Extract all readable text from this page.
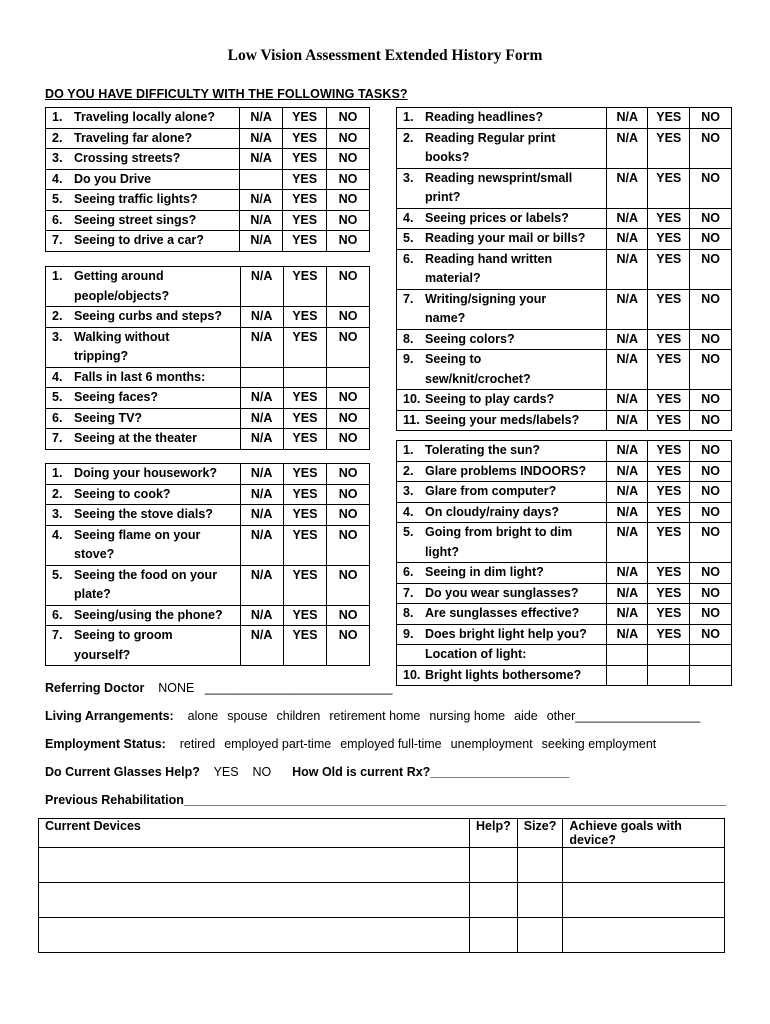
Low Vision Assessment Extended History Form
DO YOU HAVE DIFFICULTY WITH THE FOLLOWING TASKS?
1. Traveling locally alone?	N/A	YES	NO

2. Traveling far alone?	N/A	YES	NO

3. Crossing streets?	N/A	YES	NO

4. Do you Drive		YES	NO

5. Seeing traffic lights?	N/A	YES	NO

6. Seeing street sings?	N/A	YES	NO

7. Seeing to drive a car?	N/A	YES	NO
1. Getting around
people/objects?	N/A	YES	NO

2. Seeing curbs and steps?	N/A	YES	NO

3. Walking without
tripping?	N/A	YES	NO

4. Falls in last 6 months:			

5. Seeing faces?	N/A	YES	NO

6. Seeing TV?	N/A	YES	NO

7. Seeing at the theater	N/A	YES	NO
1. Doing your housework?	N/A	YES	NO

2. Seeing to cook?	N/A	YES	NO

3. Seeing the stove dials?	N/A	YES	NO

4. Seeing flame on your
stove?	N/A	YES	NO

5. Seeing the food on your
plate?	N/A	YES	NO

6. Seeing/using the phone?	N/A	YES	NO

7. Seeing to groom
yourself?	N/A	YES	NO
1. Reading headlines?	N/A	YES	NO

2. Reading Regular print
books?	N/A	YES	NO

3. Reading newsprint/small
print?	N/A	YES	NO

4. Seeing prices or labels?	N/A	YES	NO

5. Reading your mail or bills?	N/A	YES	NO

6. Reading hand written
material?	N/A	YES	NO

7. Writing/signing your
name?	N/A	YES	NO

8. Seeing colors?	N/A	YES	NO

9. Seeing to
sew/knit/crochet?	N/A	YES	NO

10. Seeing to play cards?	N/A	YES	NO

11. Seeing your meds/labels?	N/A	YES	NO
1. Tolerating the sun?	N/A	YES	NO

2. Glare problems INDOORS?	N/A	YES	NO

3. Glare from computer?	N/A	YES	NO

4. On cloudy/rainy days?	N/A	YES	NO

5. Going from bright to dim
light?	N/A	YES	NO

6. Seeing in dim light?	N/A	YES	NO

7. Do you wear sunglasses?	N/A	YES	NO

8. Are sunglasses effective?	N/A	YES	NO

9. Does bright light help you?	N/A	YES	NO

Location of light:			

10. Bright lights bothersome?			

Referring Doctor NONE ___________________________
Living Arrangements: alone spouse children retirement home nursing home aide other__________________
Employment Status: retired employed part-time employed full-time unemployment seeking employment
Do Current Glasses Help? YES NO How Old is current Rx?____________________
Previous Rehabilitation______________________________________________________________________________
Current Devices	Help?	Size?	Achieve goals with device?
